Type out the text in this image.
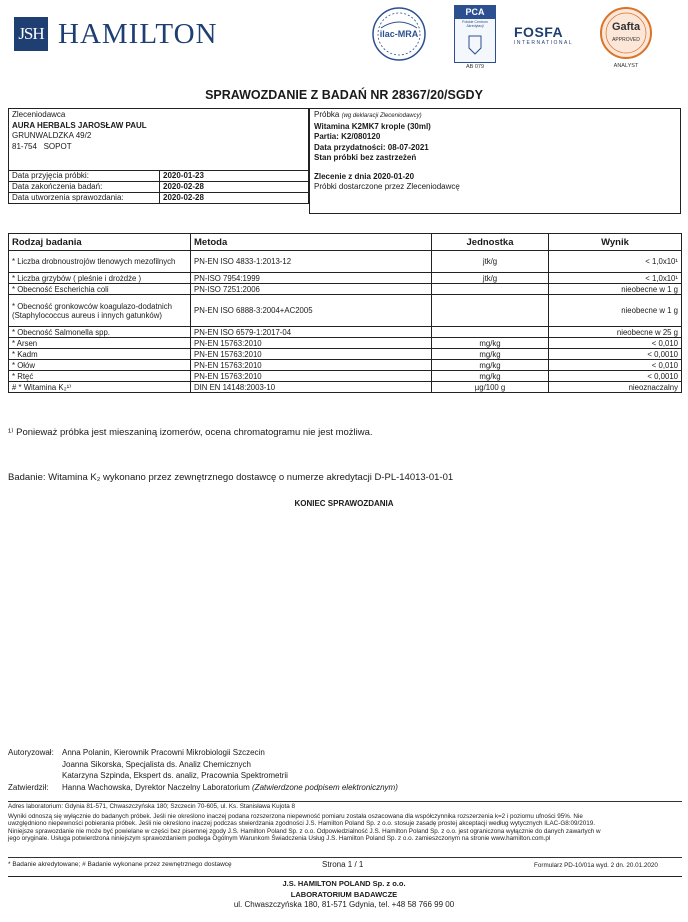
JSH HAMILTON	ilac-MRA
PCA
Polskie Centrum Akredytacji
AB 079
FOSFA
INTERNATIONAL
Gafta
APPROVED
ANALYST
SPRAWOZDANIE Z BADAŃ NR 28367/20/SGDY
Zleceniodawca
AURA HERBALS JAROSŁAW PAUL
GRUNWALDZKA 49/2
81-754 SOPOT
Data przyjęcia próbki:	2020-01-23
Data zakończenia badań:	2020-02-28
Data utworzenia sprawozdania:	2020-02-28
Próbka (wg deklaracji Zleceniodawcy)
Witamina K2MK7 krople (30ml)
Partia: K2/080120
Data przydatności: 08-07-2021
Stan próbki bez zastrzeżeń
Zlecenie z dnia 2020-01-20
Próbki dostarczone przez Zleceniodawcę
Rodzaj badania	Metoda	Jednostka	Wynik
* Liczba drobnoustrojów tlenowych mezofilnych	PN-EN ISO 4833-1:2013-12	jtk/g	< 1,0x10¹
* Liczba grzybów ( pleśnie i drożdże )	PN-ISO 7954:1999	jtk/g	< 1,0x10¹
* Obecność Escherichia coli	PN-ISO 7251:2006		nieobecne w 1 g
* Obecność gronkowców koagulazo-dodatnich (Staphylococcus aureus i innych gatunków)	PN-EN ISO 6888-3:2004+AC2005		nieobecne w 1 g
* Obecność Salmonella spp.	PN-EN ISO 6579-1:2017-04		nieobecne w 25 g
* Arsen	PN-EN 15763:2010	mg/kg	< 0,010
* Kadm	PN-EN 15763:2010	mg/kg	< 0,0010
* Ołów	PN-EN 15763:2010	mg/kg	< 0,010
* Rtęć	PN-EN 15763:2010	mg/kg	< 0,0010
# * Witamina K₂¹⁾	DIN EN 14148:2003-10	µg/100 g	nieoznaczalny
¹⁾ Ponieważ próbka jest mieszaniną izomerów, ocena chromatogramu nie jest możliwa.
Badanie: Witamina K₂ wykonano przez zewnętrznego dostawcę o numerze akredytacji D-PL-14013-01-01
KONIEC SPRAWOZDANIA
Autoryzował: Anna Polanin, Kierownik Pracowni Mikrobiologii Szczecin
Joanna Sikorska, Specjalista ds. Analiz Chemicznych
Katarzyna Szpinda, Ekspert ds. analiz, Pracownia Spektrometrii
Zatwierdził: Hanna Wachowska, Dyrektor Naczelny Laboratorium (Zatwierdzone podpisem elektronicznym)
Adres laboratorium: Gdynia 81-571, Chwaszczyńska 180; Szczecin 70-605, ul. Ks. Stanisława Kujota 8
Wyniki odnoszą się wyłącznie do badanych próbek. Jeśli nie określono inaczej podana rozszerzona niepewność pomiaru została oszacowana dla współczynnika rozszerzenia k=2 i poziomu ufności 95%. Nie
uwzględniono niepewności pobierania próbek. Jeśli nie określono inaczej podczas stwierdzania zgodności J.S. Hamilton Poland Sp. z o.o. stosuje zasadę prostej akceptacji według wytycznych ILAC-G8:09/2019.
Niniejsze sprawozdanie nie może być powielane w części bez pisemnej zgody J.S. Hamilton Poland Sp. z o.o. Odpowiedzialność J.S. Hamilton Poland Sp. z o.o. jest ograniczona wyłącznie do danych zawartych w
jego oryginale. Usługa potwierdzona niniejszym sprawozdaniem podlega Ogólnym Warunkom Świadczenia Usług J.S. Hamilton Poland Sp. z o.o. zamieszczonym na stronie www.hamilton.com.pl
* Badanie akredytowane; # Badanie wykonane przez zewnętrznego dostawcę	Strona 1 / 1	Formularz PD-10/01a wyd. 2 dn. 20.01.2020
J.S. HAMILTON POLAND Sp. z o.o.
LABORATORIUM BADAWCZE
ul. Chwaszczyńska 180, 81-571 Gdynia, tel. +48 58 766 99 00
